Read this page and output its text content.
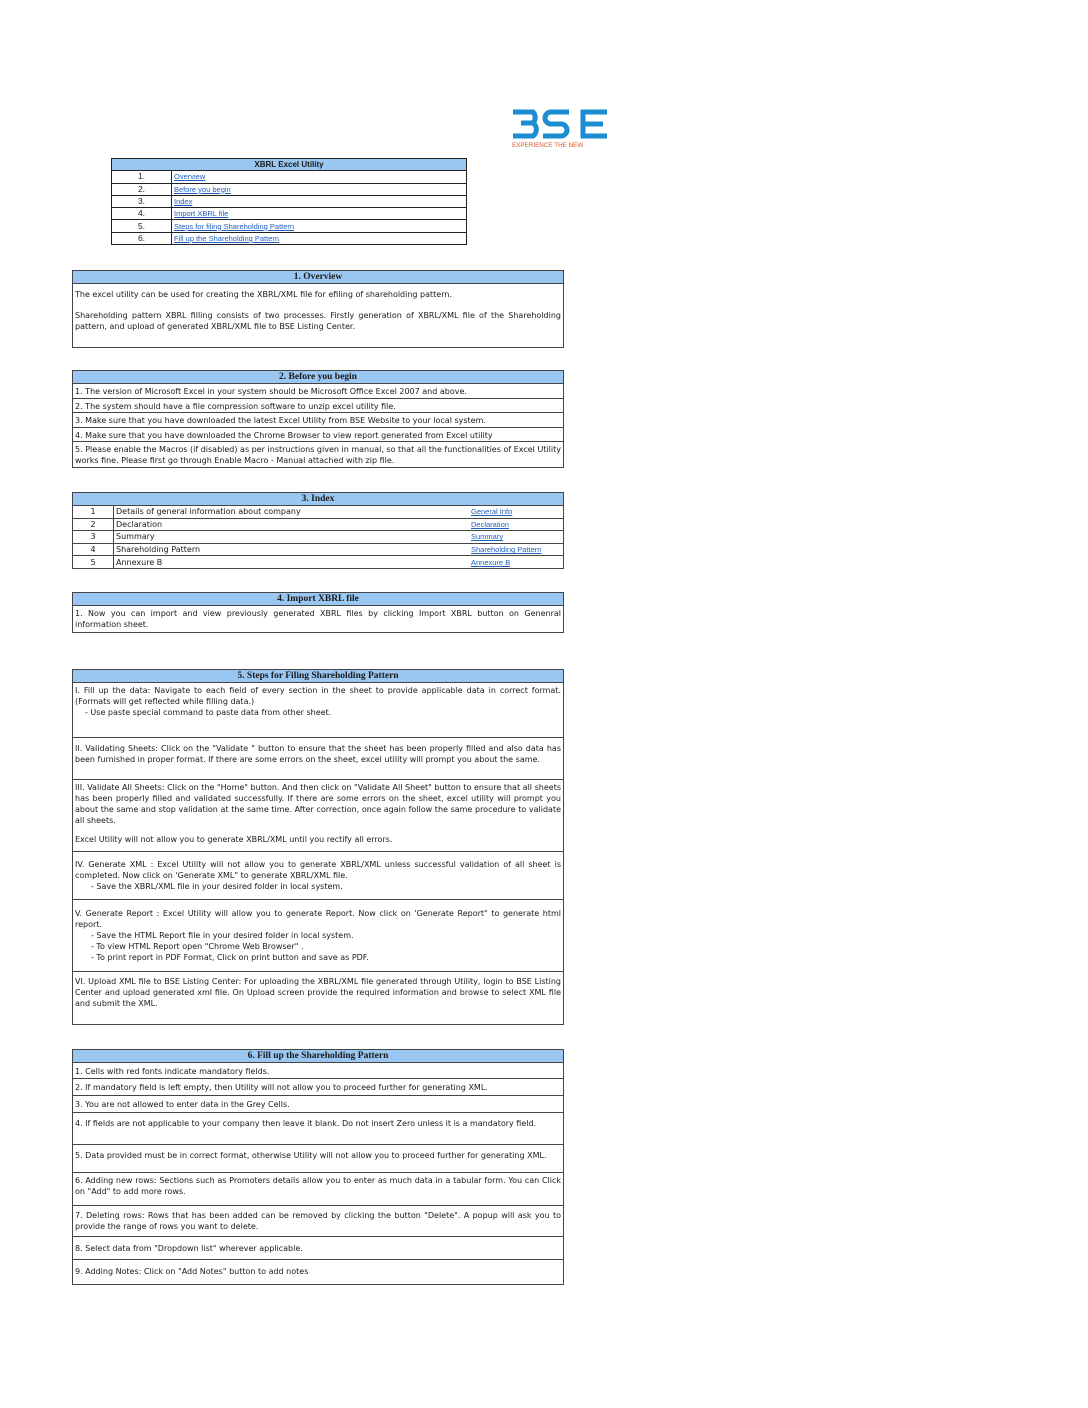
EXPERIENCE THE NEW
XBRL Excel Utility	
1.	Overview
2.	Before you begin
3.	Index
4.	Import XBRL file
5.	Steps for filing Shareholding Pattern
6.	Fill up the Shareholding Pattern
1. Overview

The excel utility can be used for creating the XBRL/XML file for efiling of shareholding pattern.

Shareholding pattern XBRL filling consists of two processes. Firstly generation of XBRL/XML file of the Shareholding pattern, and upload of generated XBRL/XML file to BSE Listing Center.

2. Before you begin
1. The version of Microsoft Excel in your system should be Microsoft Office Excel 2007 and above.
2. The system should have a file compression software to unzip excel utility file.
3. Make sure that you have downloaded the latest Excel Utility from BSE Website to your local system.
4. Make sure that you have downloaded the Chrome Browser to view report generated from Excel utility
5. Please enable the Macros (if disabled) as per instructions given in manual, so that all the functionalities of Excel Utility works fine. Please first go through Enable Macro - Manual attached with zip file.
3. Index
1	Details of general information about company	General Info
2	Declaration	Declaration
3	Summary	Summary
4	Shareholding Pattern	Shareholding Pattern
5	Annexure B	Annexure B
4. Import XBRL file
1. Now you can import and view previously generated XBRL files by clicking Import XBRL button on Genenral information sheet.
5. Steps for Filing Shareholding Pattern

I. Fill up the data: Navigate to each field of every section in the sheet to provide applicable data in correct format. (Formats will get reflected while filling data.)

- Use paste special command to paste data from other sheet.

II. Validating Sheets: Click on the "Validate " button to ensure that the sheet has been properly filled and also data has been furnished in proper format. If there are some errors on the sheet, excel utility will prompt you about the same.

III. Validate All Sheets: Click on the "Home" button. And then click on "Validate All Sheet" button to ensure that all sheets has been properly filled and validated successfully. If there are some errors on the sheet, excel utility will prompt you about the same and stop validation at the same time. After correction, once again follow the same procedure to validate all sheets.

Excel Utility will not allow you to generate XBRL/XML until you rectify all errors.

IV. Generate XML : Excel Utility will not allow you to generate XBRL/XML unless successful validation of all sheet is completed. Now click on 'Generate XML" to generate XBRL/XML file.

- Save the XBRL/XML file in your desired folder in local system.

V. Generate Report : Excel Utility will allow you to generate Report. Now click on 'Generate Report" to generate html report.

- Save the HTML Report file in your desired folder in local system.

- To view HTML Report open "Chrome Web Browser" .

- To print report in PDF Format, Click on print button and save as PDF.

VI. Upload XML file to BSE Listing Center: For uploading the XBRL/XML file generated through Utility, login to BSE Listing Center and upload generated xml file. On Upload screen provide the required information and browse to select XML file and submit the XML.

6. Fill up the Shareholding Pattern
1. Cells with red fonts indicate mandatory fields.
2. If mandatory field is left empty, then Utility will not allow you to proceed further for generating XML.
3. You are not allowed to enter data in the Grey Cells.
4. If fields are not applicable to your company then leave it blank. Do not insert Zero unless it is a mandatory field.
5. Data provided must be in correct format, otherwise Utility will not allow you to proceed further for generating XML.
6. Adding new rows: Sections such as Promoters details allow you to enter as much data in a tabular form. You can Click on "Add" to add more rows.
7. Deleting rows: Rows that has been added can be removed by clicking the button "Delete". A popup will ask you to provide the range of rows you want to delete.
8. Select data from "Dropdown list" wherever applicable.
9. Adding Notes: Click on "Add Notes" button to add notes
